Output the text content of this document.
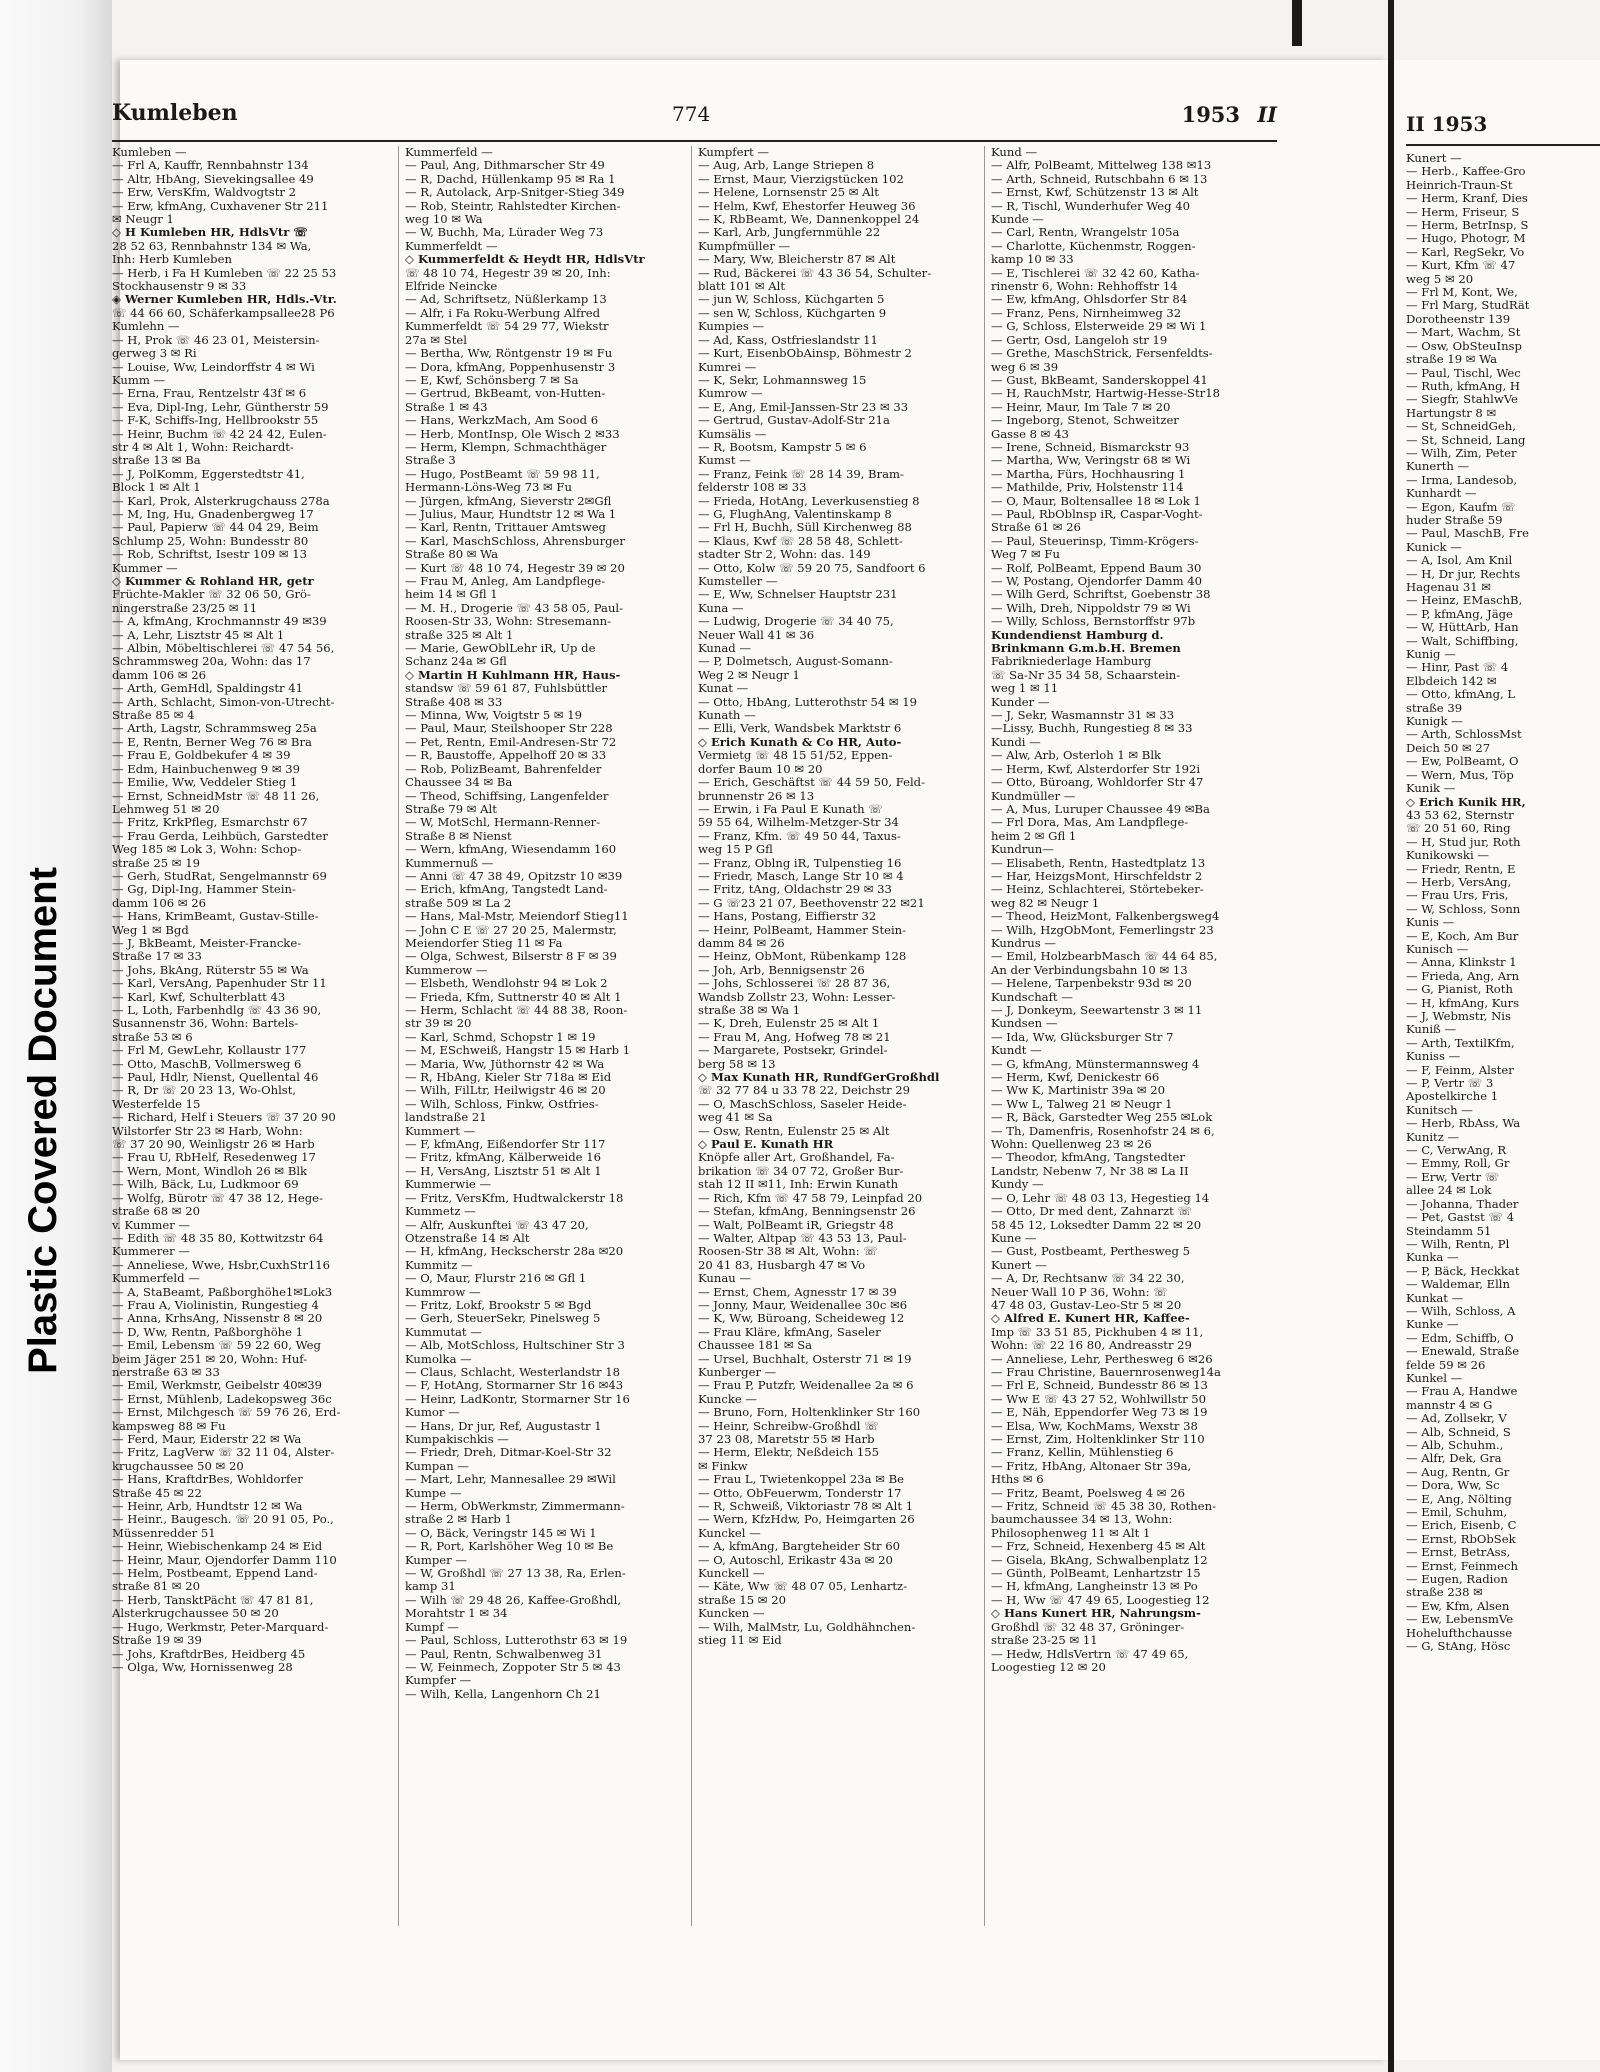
Plastic Covered Document
Kumleben	774	1953 II
Kumleben —
— Frl A, Kauffr, Rennbahnstr 134
— Altr, HbAng, Sievekingsallee 49
— Erw, VersKfm, Waldvogtstr 2
— Erw, kfmAng, Cuxhavener Str 211
✉ Neugr 1
◇ H Kumleben HR, HdlsVtr ☏
28 52 63, Rennbahnstr 134 ✉ Wa,
Inh: Herb Kumleben
— Herb, i Fa H Kumleben ☏ 22 25 53
Stockhausenstr 9 ✉ 33
◈ Werner Kumleben HR, Hdls.-Vtr.
☏ 44 66 60, Schäferkampsallee28 P6
Kumlehn —
— H, Prok ☏ 46 23 01, Meistersin-
gerweg 3 ✉ Ri
— Louise, Ww, Leindorffstr 4 ✉ Wi
Kumm —
— Erna, Frau, Rentzelstr 43f ✉ 6
— Eva, Dipl-Ing, Lehr, Güntherstr 59
— F-K, Schiffs-Ing, Hellbrookstr 55
— Heinr, Buchm ☏ 42 24 42, Eulen-
str 4 ✉ Alt 1, Wohn: Reichardt-
straße 13 ✉ Ba
— J, PolKomm, Eggerstedtstr 41,
Block 1 ✉ Alt 1
— Karl, Prok, Alsterkrugchauss 278a
— M, Ing, Hu, Gnadenbergweg 17
— Paul, Papierw ☏ 44 04 29, Beim
Schlump 25, Wohn: Bundesstr 80
— Rob, Schriftst, Isestr 109 ✉ 13
Kummer —
◇ Kummer & Rohland HR, getr
Früchte-Makler ☏ 32 06 50, Grö-
ningerstraße 23/25 ✉ 11
— A, kfmAng, Krochmannstr 49 ✉39
— A, Lehr, Lisztstr 45 ✉ Alt 1
— Albin, Möbeltischlerei ☏ 47 54 56,
Schrammsweg 20a, Wohn: das 17
damm 106 ✉ 26
— Arth, GemHdl, Spaldingstr 41
— Arth, Schlacht, Simon-von-Utrecht-
Straße 85 ✉ 4
— Arth, Lagstr, Schrammsweg 25a
— E, Rentn, Berner Weg 76 ✉ Bra
— Frau E, Goldbekufer 4 ✉ 39
— Edm, Hainbuchenweg 9 ✉ 39
— Emilie, Ww, Veddeler Stieg 1
— Ernst, SchneidMstr ☏ 48 11 26,
Lehmweg 51 ✉ 20
— Fritz, KrkPfleg, Esmarchstr 67
— Frau Gerda, Leihbüch, Garstedter
Weg 185 ✉ Lok 3, Wohn: Schop-
straße 25 ✉ 19
— Gerh, StudRat, Sengelmannstr 69
— Gg, Dipl-Ing, Hammer Stein-
damm 106 ✉ 26
— Hans, KrimBeamt, Gustav-Stille-
Weg 1 ✉ Bgd
— J, BkBeamt, Meister-Francke-
Straße 17 ✉ 33
— Johs, BkAng, Rüterstr 55 ✉ Wa
— Karl, VersAng, Papenhuder Str 11
— Karl, Kwf, Schulterblatt 43
— L, Loth, Farbenhdlg ☏ 43 36 90,
Susannenstr 36, Wohn: Bartels-
straße 53 ✉ 6
— Frl M, GewLehr, Kollaustr 177
— Otto, MaschB, Vollmersweg 6
— Paul, Hdlr, Nienst, Quellental 46
— R, Dr ☏ 20 23 13, Wo-Ohlst,
Westerfelde 15
— Richard, Helf i Steuers ☏ 37 20 90
Wilstorfer Str 23 ✉ Harb, Wohn:
☏ 37 20 90, Weinligstr 26 ✉ Harb
— Frau U, RbHelf, Resedenweg 17
— Wern, Mont, Windloh 26 ✉ Blk
— Wilh, Bäck, Lu, Ludkmoor 69
— Wolfg, Bürotr ☏ 47 38 12, Hege-
straße 68 ✉ 20
v. Kummer —
— Edith ☏ 48 35 80, Kottwitzstr 64
Kummerer —
— Anneliese, Wwe, Hsbr,CuxhStr116
Kummerfeld —
— A, StaBeamt, Paßborghöhe1✉Lok3
— Frau A, Violinistin, Rungestieg 4
— Anna, KrhsAng, Nissenstr 8 ✉ 20
— D, Ww, Rentn, Paßborghöhe 1
— Emil, Lebensm ☏ 59 22 60, Weg
beim Jäger 251 ✉ 20, Wohn: Huf-
nerstraße 63 ✉ 33
— Emil, Werkmstr, Geibelstr 40✉39
— Ernst, Mühlenb, Ladekopsweg 36c
— Ernst, Milchgesch ☏ 59 76 26, Erd-
kampsweg 88 ✉ Fu
— Ferd, Maur, Eiderstr 22 ✉ Wa
— Fritz, LagVerw ☏ 32 11 04, Alster-
krugchaussee 50 ✉ 20
— Hans, KraftdrBes, Wohldorfer
Straße 45 ✉ 22
— Heinr, Arb, Hundtstr 12 ✉ Wa
— Heinr., Baugesch. ☏ 20 91 05, Po.,
Müssenredder 51
— Heinr, Wiebischenkamp 24 ✉ Eid
— Heinr, Maur, Ojendorfer Damm 110
— Helm, Postbeamt, Eppend Land-
straße 81 ✉ 20
— Herb, TansktPächt ☏ 47 81 81,
Alsterkrugchaussee 50 ✉ 20
— Hugo, Werkmstr, Peter-Marquard-
Straße 19 ✉ 39
— Johs, KraftdrBes, Heidberg 45
— Olga, Ww, Hornissenweg 28
Kummerfeld —
— Paul, Ang, Dithmarscher Str 49
— R, Dachd, Hüllenkamp 95 ✉ Ra 1
— R, Autolack, Arp-Snitger-Stieg 349
— Rob, Steintr, Rahlstedter Kirchen-
weg 10 ✉ Wa
— W, Buchh, Ma, Lürader Weg 73
Kummerfeldt —
◇ Kummerfeldt & Heydt HR, HdlsVtr
☏ 48 10 74, Hegestr 39 ✉ 20, Inh:
Elfride Neincke
— Ad, Schriftsetz, Nüßlerkamp 13
— Alfr, i Fa Roku-Werbung Alfred
Kummerfeldt ☏ 54 29 77, Wiekstr
27a ✉ Stel
— Bertha, Ww, Röntgenstr 19 ✉ Fu
— Dora, kfmAng, Poppenhusenstr 3
— E, Kwf, Schönsberg 7 ✉ Sa
— Gertrud, BkBeamt, von-Hutten-
Straße 1 ✉ 43
— Hans, WerkzMach, Am Sood 6
— Herb, MontInsp, Ole Wisch 2 ✉33
— Herm, Klempn, Schmachthäger
Straße 3
— Hugo, PostBeamt ☏ 59 98 11,
Hermann-Löns-Weg 73 ✉ Fu
— Jürgen, kfmAng, Sieverstr 2✉Gfl
— Julius, Maur, Hundtstr 12 ✉ Wa 1
— Karl, Rentn, Trittauer Amtsweg
— Karl, MaschSchloss, Ahrensburger
Straße 80 ✉ Wa
— Kurt ☏ 48 10 74, Hegestr 39 ✉ 20
— Frau M, Anleg, Am Landpflege-
heim 14 ✉ Gfl 1
— M. H., Drogerie ☏ 43 58 05, Paul-
Roosen-Str 33, Wohn: Stresemann-
straße 325 ✉ Alt 1
— Marie, GewOblLehr iR, Up de
Schanz 24a ✉ Gfl
◇ Martin H Kuhlmann HR, Haus-
standsw ☏ 59 61 87, Fuhlsbüttler
Straße 408 ✉ 33
— Minna, Ww, Voigtstr 5 ✉ 19
— Paul, Maur, Steilshooper Str 228
— Pet, Rentn, Emil-Andresen-Str 72
— R, Baustoffe, Appelhoff 20 ✉ 33
— Rob, PolizBeamt, Bahrenfelder
Chaussee 34 ✉ Ba
— Theod, Schiffsing, Langenfelder
Straße 79 ✉ Alt
— W, MotSchl, Hermann-Renner-
Straße 8 ✉ Nienst
— Wern, kfmAng, Wiesendamm 160
Kummernuß —
— Anni ☏ 47 38 49, Opitzstr 10 ✉39
— Erich, kfmAng, Tangstedt Land-
straße 509 ✉ La 2
— Hans, Mal-Mstr, Meiendorf Stieg11
— John C E ☏ 27 20 25, Malermstr,
Meiendorfer Stieg 11 ✉ Fa
— Olga, Schwest, Bilserstr 8 F ✉ 39
Kummerow —
— Elsbeth, Wendlohstr 94 ✉ Lok 2
— Frieda, Kfm, Suttnerstr 40 ✉ Alt 1
— Herm, Schlacht ☏ 44 88 38, Roon-
str 39 ✉ 20
— Karl, Schmd, Schopstr 1 ✉ 19
— M, ESchweiß, Hangstr 15 ✉ Harb 1
— Maria, Ww, Jüthornstr 42 ✉ Wa
— R, HbAng, Kieler Str 718a ✉ Eid
— Wilh, FilLtr, Heilwigstr 46 ✉ 20
— Wilh, Schloss, Finkw, Ostfries-
landstraße 21
Kummert —
— F, kfmAng, Eißendorfer Str 117
— Fritz, kfmAng, Kälberweide 16
— H, VersAng, Lisztstr 51 ✉ Alt 1
Kummerwie —
— Fritz, VersKfm, Hudtwalckerstr 18
Kummetz —
— Alfr, Auskunftei ☏ 43 47 20,
Otzenstraße 14 ✉ Alt
— H, kfmAng, Heckscherstr 28a ✉20
Kummitz —
— O, Maur, Flurstr 216 ✉ Gfl 1
Kummrow —
— Fritz, Lokf, Brookstr 5 ✉ Bgd
— Gerh, SteuerSekr, Pinelsweg 5
Kummutat —
— Alb, MotSchloss, Hultschiner Str 3
Kumolka —
— Claus, Schlacht, Westerlandstr 18
— F, HotAng, Stormarner Str 16 ✉43
— Heinr, LadKontr, Stormarner Str 16
Kumor —
— Hans, Dr jur, Ref, Augustastr 1
Kumpakischkis —
— Friedr, Dreh, Ditmar-Koel-Str 32
Kumpan —
— Mart, Lehr, Mannesallee 29 ✉Wil
Kumpe —
— Herm, ObWerkmstr, Zimmermann-
straße 2 ✉ Harb 1
— O, Bäck, Veringstr 145 ✉ Wi 1
— R, Port, Karlshöher Weg 10 ✉ Be
Kumper —
— W, Großhdl ☏ 27 13 38, Ra, Erlen-
kamp 31
— Wilh ☏ 29 48 26, Kaffee-Großhdl,
Morahtstr 1 ✉ 34
Kumpf —
— Paul, Schloss, Lutterothstr 63 ✉ 19
— Paul, Rentn, Schwalbenweg 31
— W, Feinmech, Zoppoter Str 5 ✉ 43
Kumpfer —
— Wilh, Kella, Langenhorn Ch 21
Kumpfert —
— Aug, Arb, Lange Striepen 8
— Ernst, Maur, Vierzigstücken 102
— Helene, Lornsenstr 25 ✉ Alt
— Helm, Kwf, Ehestorfer Heuweg 36
— K, RbBeamt, We, Dannenkoppel 24
— Karl, Arb, Jungfernmühle 22
Kumpfmüller —
— Mary, Ww, Bleicherstr 87 ✉ Alt
— Rud, Bäckerei ☏ 43 36 54, Schulter-
blatt 101 ✉ Alt
— jun W, Schloss, Küchgarten 5
— sen W, Schloss, Küchgarten 9
Kumpies —
— Ad, Kass, Ostfrieslandstr 11
— Kurt, EisenbObAinsp, Böhmestr 2
Kumrei —
— K, Sekr, Lohmannsweg 15
Kumrow —
— E, Ang, Emil-Janssen-Str 23 ✉ 33
— Gertrud, Gustav-Adolf-Str 21a
Kumsälis —
— R, Bootsm, Kampstr 5 ✉ 6
Kumst —
— Franz, Feink ☏ 28 14 39, Bram-
felderstr 108 ✉ 33
— Frieda, HotAng, Leverkusenstieg 8
— G, FlughAng, Valentinskamp 8
— Frl H, Buchh, Süll Kirchenweg 88
— Klaus, Kwf ☏ 28 58 48, Schlett-
stadter Str 2, Wohn: das. 149
— Otto, Kolw ☏ 59 20 75, Sandfoort 6
Kumsteller —
— E, Ww, Schnelser Hauptstr 231
Kuna —
— Ludwig, Drogerie ☏ 34 40 75,
Neuer Wall 41 ✉ 36
Kunad —
— P, Dolmetsch, August-Somann-
Weg 2 ✉ Neugr 1
Kunat —
— Otto, HbAng, Lutterothstr 54 ✉ 19
Kunath —
— Elli, Verk, Wandsbek Marktstr 6
◇ Erich Kunath & Co HR, Auto-
Vermietg ☏ 48 15 51/52, Eppen-
dorfer Baum 10 ✉ 20
— Erich, Geschäftst ☏ 44 59 50, Feld-
brunnenstr 26 ✉ 13
— Erwin, i Fa Paul E Kunath ☏
59 55 64, Wilhelm-Metzger-Str 34
— Franz, Kfm. ☏ 49 50 44, Taxus-
weg 15 P Gfl
— Franz, Oblng iR, Tulpenstieg 16
— Friedr, Masch, Lange Str 10 ✉ 4
— Fritz, tAng, Oldachstr 29 ✉ 33
— G ☏23 21 07, Beethovenstr 22 ✉21
— Hans, Postang, Eiffierstr 32
— Heinr, PolBeamt, Hammer Stein-
damm 84 ✉ 26
— Heinz, ObMont, Rübenkamp 128
— Joh, Arb, Bennigsenstr 26
— Johs, Schlosserei ☏ 28 87 36,
Wandsb Zollstr 23, Wohn: Lesser-
straße 38 ✉ Wa 1
— K, Dreh, Eulenstr 25 ✉ Alt 1
— Frau M, Ang, Hofweg 78 ✉ 21
— Margarete, Postsekr, Grindel-
berg 58 ✉ 13
◇ Max Kunath HR, RundfGerGroßhdl
☏ 32 77 84 u 33 78 22, Deichstr 29
— O, MaschSchloss, Saseler Heide-
weg 41 ✉ Sa
— Osw, Rentn, Eulenstr 25 ✉ Alt
◇ Paul E. Kunath HR
Knöpfe aller Art, Großhandel, Fa-
brikation ☏ 34 07 72, Großer Bur-
stah 12 II ✉11, Inh: Erwin Kunath
— Rich, Kfm ☏ 47 58 79, Leinpfad 20
— Stefan, kfmAng, Benningsenstr 26
— Walt, PolBeamt iR, Griegstr 48
— Walter, Altpap ☏ 43 53 13, Paul-
Roosen-Str 38 ✉ Alt, Wohn: ☏
20 41 83, Husbargh 47 ✉ Vo
Kunau —
— Ernst, Chem, Agnesstr 17 ✉ 39
— Jonny, Maur, Weidenallee 30c ✉6
— K, Ww, Büroang, Scheideweg 12
— Frau Kläre, kfmAng, Saseler
Chaussee 181 ✉ Sa
— Ursel, Buchhalt, Osterstr 71 ✉ 19
Kunberger —
— Frau P, Putzfr, Weidenallee 2a ✉ 6
Kuncke —
— Bruno, Forn, Holtenklinker Str 160
— Heinr, Schreibw-Großhdl ☏
37 23 08, Maretstr 55 ✉ Harb
— Herm, Elektr, Neßdeich 155
✉ Finkw
— Frau L, Twietenkoppel 23a ✉ Be
— Otto, ObFeuerwm, Tonderstr 17
— R, Schweiß, Viktoriastr 78 ✉ Alt 1
— Wern, KfzHdw, Po, Heimgarten 26
Kunckel —
— A, kfmAng, Bargteheider Str 60
— O, Autoschl, Erikastr 43a ✉ 20
Kunckell —
— Käte, Ww ☏ 48 07 05, Lenhartz-
straße 15 ✉ 20
Kuncken —
— Wilh, MalMstr, Lu, Goldhähnchen-
stieg 11 ✉ Eid
Kund —
— Alfr, PolBeamt, Mittelweg 138 ✉13
— Arth, Schneid, Rutschbahn 6 ✉ 13
— Ernst, Kwf, Schützenstr 13 ✉ Alt
— R, Tischl, Wunderhufer Weg 40
Kunde —
— Carl, Rentn, Wrangelstr 105a
— Charlotte, Küchenmstr, Roggen-
kamp 10 ✉ 33
— E, Tischlerei ☏ 32 42 60, Katha-
rinenstr 6, Wohn: Rehhoffstr 14
— Ew, kfmAng, Ohlsdorfer Str 84
— Franz, Pens, Nirnheimweg 32
— G, Schloss, Elsterweide 29 ✉ Wi 1
— Gertr, Osd, Langeloh str 19
— Grethe, MaschStrick, Fersenfeldts-
weg 6 ✉ 39
— Gust, BkBeamt, Sanderskoppel 41
— H, RauchMstr, Hartwig-Hesse-Str18
— Heinr, Maur, Im Tale 7 ✉ 20
— Ingeborg, Stenot, Schweitzer
Gasse 8 ✉ 43
— Irene, Schneid, Bismarckstr 93
— Martha, Ww, Veringstr 68 ✉ Wi
— Martha, Fürs, Hochhausring 1
— Mathilde, Priv, Holstenstr 114
— O, Maur, Boltensallee 18 ✉ Lok 1
— Paul, RbOblnsp iR, Caspar-Voght-
Straße 61 ✉ 26
— Paul, Steuerinsp, Timm-Krögers-
Weg 7 ✉ Fu
— Rolf, PolBeamt, Eppend Baum 30
— W, Postang, Ojendorfer Damm 40
— Wilh Gerd, Schriftst, Goebenstr 38
— Wilh, Dreh, Nippoldstr 79 ✉ Wi
— Willy, Schloss, Bernstorffstr 97b
Kundendienst Hamburg d.
Brinkmann G.m.b.H. Bremen
Fabrikniederlage Hamburg
☏ Sa-Nr 35 34 58, Schaarstein-
weg 1 ✉ 11
Kunder —
— J, Sekr, Wasmannstr 31 ✉ 33
—Lissy, Buchh, Rungestieg 8 ✉ 33
Kundi —
— Alw, Arb, Osterloh 1 ✉ Blk
— Herm, Kwf, Alsterdorfer Str 192i
— Otto, Büroang, Wohldorfer Str 47
Kundmüller —
— A, Mus, Luruper Chaussee 49 ✉Ba
— Frl Dora, Mas, Am Landpflege-
heim 2 ✉ Gfl 1
Kundrun—
— Elisabeth, Rentn, Hastedtplatz 13
— Har, HeizgsMont, Hirschfeldstr 2
— Heinz, Schlachterei, Störtebeker-
weg 82 ✉ Neugr 1
— Theod, HeizMont, Falkenbergsweg4
— Wilh, HzgObMont, Femerlingstr 23
Kundrus —
— Emil, HolzbearbMasch ☏ 44 64 85,
An der Verbindungsbahn 10 ✉ 13
— Helene, Tarpenbekstr 93d ✉ 20
Kundschaft —
— J, Donkeym, Seewartenstr 3 ✉ 11
Kundsen —
— Ida, Ww, Glücksburger Str 7
Kundt —
— G, kfmAng, Münstermannsweg 4
— Herm, Kwf, Denickestr 66
— Ww K, Martinistr 39a ✉ 20
— Ww L, Talweg 21 ✉ Neugr 1
— R, Bäck, Garstedter Weg 255 ✉Lok
— Th, Damenfris, Rosenhofstr 24 ✉ 6,
Wohn: Quellenweg 23 ✉ 26
— Theodor, kfmAng, Tangstedter
Landstr, Nebenw 7, Nr 38 ✉ La II
Kundy —
— O, Lehr ☏ 48 03 13, Hegestieg 14
— Otto, Dr med dent, Zahnarzt ☏
58 45 12, Loksedter Damm 22 ✉ 20
Kune —
— Gust, Postbeamt, Perthesweg 5
Kunert —
— A, Dr, Rechtsanw ☏ 34 22 30,
Neuer Wall 10 P 36, Wohn: ☏
47 48 03, Gustav-Leo-Str 5 ✉ 20
◇ Alfred E. Kunert HR, Kaffee-
Imp ☏ 33 51 85, Pickhuben 4 ✉ 11,
Wohn: ☏ 22 16 80, Andreasstr 29
— Anneliese, Lehr, Perthesweg 6 ✉26
— Frau Christine, Bauernrosenweg14a
— Frl E, Schneid, Bundesstr 86 ✉ 13
— Ww E ☏ 43 27 52, Wohlwillstr 50
— E, Näh, Eppendorfer Weg 73 ✉ 19
— Elsa, Ww, KochMams, Wexstr 38
— Ernst, Zim, Holtenklinker Str 110
— Franz, Kellin, Mühlenstieg 6
— Fritz, HbAng, Altonaer Str 39a,
Hths ✉ 6
— Fritz, Beamt, Poelsweg 4 ✉ 26
— Fritz, Schneid ☏ 45 38 30, Rothen-
baumchaussee 34 ✉ 13, Wohn:
Philosophenweg 11 ✉ Alt 1
— Frz, Schneid, Hexenberg 45 ✉ Alt
— Gisela, BkAng, Schwalbenplatz 12
— Günth, PolBeamt, Lenhartzstr 15
— H, kfmAng, Langheinstr 13 ✉ Po
— H, Ww ☏ 47 49 65, Loogestieg 12
◇ Hans Kunert HR, Nahrungsm-
Großhdl ☏ 32 48 37, Gröninger-
straße 23-25 ✉ 11
— Hedw, HdlsVertrn ☏ 47 49 65,
Loogestieg 12 ✉ 20
II 1953
Kunert —
— Herb., Kaffee-Gro
Heinrich-Traun-St
— Herm, Kranf, Dies
— Herm, Friseur, S
— Herm, BetrInsp, S
— Hugo, Photogr, M
— Karl, RegSekr, Vo
— Kurt, Kfm ☏ 47
weg 5 ✉ 20
— Frl M, Kont, We,
— Frl Marg, StudRät
Dorotheenstr 139
— Mart, Wachm, St
— Osw, ObSteuInsp
straße 19 ✉ Wa
— Paul, Tischl, Wec
— Ruth, kfmAng, H
— Siegfr, StahlwVe
Hartungstr 8 ✉
— St, SchneidGeh,
— St, Schneid, Lang
— Wilh, Zim, Peter
Kunerth —
— Irma, Landesob,
Kunhardt —
— Egon, Kaufm ☏
huder Straße 59
— Paul, MaschB, Fre
Kunick —
— A, Isol, Am Knil
— H, Dr jur, Rechts
Hagenau 31 ✉
— Heinz, EMaschB,
— P, kfmAng, Jäge
— W, HüttArb, Han
— Walt, Schiffbing,
Kunig —
— Hinr, Past ☏ 4
Elbdeich 142 ✉
— Otto, kfmAng, L
straße 39
Kunigk —
— Arth, SchlossMst
Deich 50 ✉ 27
— Ew, PolBeamt, O
— Wern, Mus, Töp
Kunik —
◇ Erich Kunik HR,
43 53 62, Sternstr
☏ 20 51 60, Ring
— H, Stud jur, Roth
Kunikowski —
— Friedr, Rentn, E
— Herb, VersAng,
— Frau Urs, Fris,
— W, Schloss, Sonn
Kunis —
— E, Koch, Am Bur
Kunisch —
— Anna, Klinkstr 1
— Frieda, Ang, Arn
— G, Pianist, Roth
— H, kfmAng, Kurs
— J, Webmstr, Nis
Kuniß —
— Arth, TextilKfm,
Kuniss —
— F, Feinm, Alster
— P, Vertr ☏ 3
Apostelkirche 1
Kunitsch —
— Herb, RbAss, Wa
Kunitz —
— C, VerwAng, R
— Emmy, Roll, Gr
— Erw, Vertr ☏
allee 24 ✉ Lok
— Johanna, Thader
— Pet, Gastst ☏ 4
Steindamm 51
— Wilh, Rentn, Pl
Kunka —
— P, Bäck, Heckkat
— Waldemar, Elln
Kunkat —
— Wilh, Schloss, A
Kunke —
— Edm, Schiffb, O
— Enewald, Straße
felde 59 ✉ 26
Kunkel —
— Frau A, Handwe
mannstr 4 ✉ G
— Ad, Zollsekr, V
— Alb, Schneid, S
— Alb, Schuhm.,
— Alfr, Dek, Gra
— Aug, Rentn, Gr
— Dora, Ww, Sc
— E, Ang, Nölting
— Emil, Schuhm,
— Erich, Eisenb, C
— Ernst, RbObSek
— Ernst, BetrAss,
— Ernst, Feinmech
— Eugen, Radion
straße 238 ✉
— Ew, Kfm, Alsen
— Ew, LebensmVe
Hohelufthchausse
— G, StAng, Hösc
